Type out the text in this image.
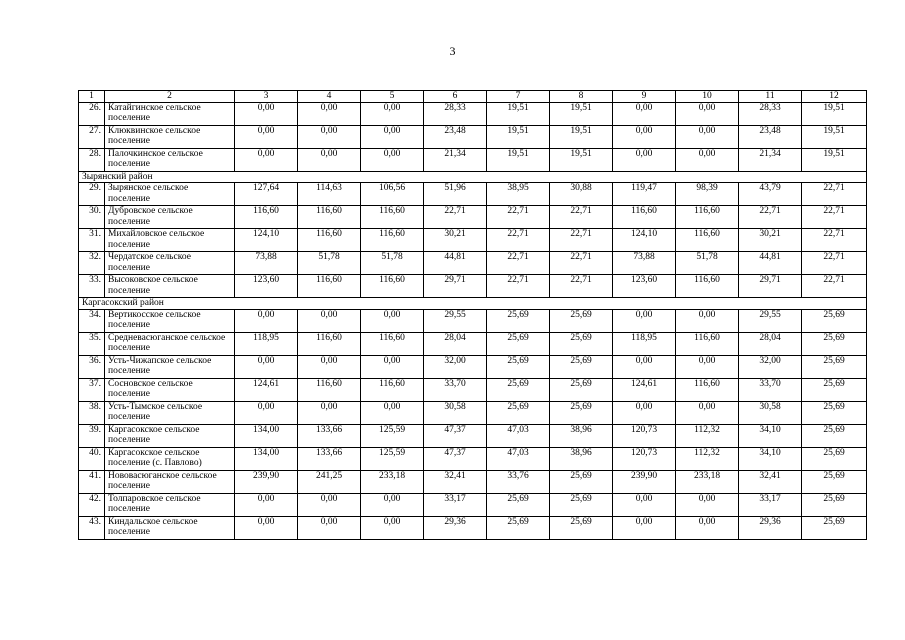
3
1	2	3	4	5	6	7	8	9	10	11	12
26.	Катайгинское сельское поселение	0,00	0,00	0,00	28,33	19,51	19,51	0,00	0,00	28,33	19,51
27.	Клюквинское сельское поселение	0,00	0,00	0,00	23,48	19,51	19,51	0,00	0,00	23,48	19,51
28.	Палочкинское сельское поселение	0,00	0,00	0,00	21,34	19,51	19,51	0,00	0,00	21,34	19,51
Зырянский район											
29.	Зырянское сельское поселение	127,64	114,63	106,56	51,96	38,95	30,88	119,47	98,39	43,79	22,71
30.	Дубровское сельское поселение	116,60	116,60	116,60	22,71	22,71	22,71	116,60	116,60	22,71	22,71
31.	Михайловское сельское поселение	124,10	116,60	116,60	30,21	22,71	22,71	124,10	116,60	30,21	22,71
32.	Чердатское сельское поселение	73,88	51,78	51,78	44,81	22,71	22,71	73,88	51,78	44,81	22,71
33.	Высоковское сельское поселение	123,60	116,60	116,60	29,71	22,71	22,71	123,60	116,60	29,71	22,71
Каргасокский район											
34.	Вертикосское сельское поселение	0,00	0,00	0,00	29,55	25,69	25,69	0,00	0,00	29,55	25,69
35.	Средневасюганское сельское поселение	118,95	116,60	116,60	28,04	25,69	25,69	118,95	116,60	28,04	25,69
36.	Усть-Чижапское сельское поселение	0,00	0,00	0,00	32,00	25,69	25,69	0,00	0,00	32,00	25,69
37.	Сосновское сельское поселение	124,61	116,60	116,60	33,70	25,69	25,69	124,61	116,60	33,70	25,69
38.	Усть-Тымское сельское поселение	0,00	0,00	0,00	30,58	25,69	25,69	0,00	0,00	30,58	25,69
39.	Каргасокское сельское поселение	134,00	133,66	125,59	47,37	47,03	38,96	120,73	112,32	34,10	25,69
40.	Каргасокское сельское поселение (с. Павлово)	134,00	133,66	125,59	47,37	47,03	38,96	120,73	112,32	34,10	25,69
41.	Нововасюганское сельское поселение	239,90	241,25	233,18	32,41	33,76	25,69	239,90	233,18	32,41	25,69
42.	Толпаровское сельское поселение	0,00	0,00	0,00	33,17	25,69	25,69	0,00	0,00	33,17	25,69
43.	Киндальское сельское поселение	0,00	0,00	0,00	29,36	25,69	25,69	0,00	0,00	29,36	25,69
